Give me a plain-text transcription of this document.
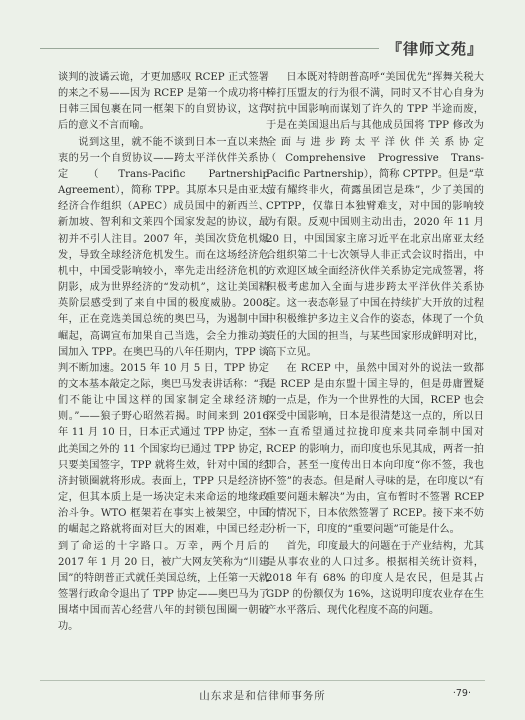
『律师文苑』

谈判的波谲云诡，才更加感叹 RCEP 正式签署的来之不易——因为 RCEP 是第一个成功将中日韩三国包裹在同一框架下的自贸协议，这背后的意义不言而喻。

说到这里，就不能不谈到日本一直以来热衷的另一个自贸协议——跨太平洋伙伴关系协定（Trans-Pacific Partnership Agreement），简称 TPP。其原本只是由亚太经济合作组织（APEC）成员国中的新西兰、新加坡、智利和文莱四个国家发起的协议，最初并不引人注目。2007 年，美国次贷危机爆发，导致全球经济危机发生。而在这场经济危机中，中国受影响较小，率先走出经济危机的阴影，成为世界经济的“发动机”，这让美国精英阶层感受到了来自中国的极度威胁。2008 年，正在竞选美国总统的奥巴马，为遏制中国崛起，高调宣布加果自己当选，会全力推动美国加入 TPP。在奥巴马的八年任期内，TPP 谈判不断加速。2015 年 10 月 5 日，TPP 协定的文本基本敲定之际，奥巴马发表讲话称：“我们不能让中国这样的国家制定全球经济规则。”——狼子野心昭然若揭。时间来到 2016 年 11 月 10 日，日本正式通过 TPP 协定，至此美国之外的 11 个国家均已通过 TPP 协定，只要美国签字，TPP 就将生效，针对中国的经济封锁圈就将形成。表面上，TPP 只是经济协定，但其本质上是一场决定未来命运的地缘政治斗争。WTO 框架若在事实上被架空，中国的崛起之路就将面对巨大的困难，中国已经走到了命运的十字路口。万幸，两个月后的 2017 年 1 月 20 日，被广大网友笑称为“川建国”的特朗普正式就任美国总统，上任第一天就签署行政命令退出了 TPP 协定——奥巴马为了围堵中国而苦心经营八年的封锁包围圈一朝破功。

日本既对特朗普高呼“美国优先”挥舞关税大棒打压盟友的行为很不满，同时又不甘心自身为对抗中国影响而谋划了许久的 TPP 半途而废，于是在美国退出后与其他成员国将 TPP 修改为全面与进步跨太平洋伙伴关系协定（Comprehensive Progressive Trans-Pacific Partnership），简称 CPTPP。但是“草萤有耀终非火，荷露虽团岂是珠”，少了美国的 CPTPP，仅靠日本独臂难支，对中国的影响较为有限。反观中国则主动出击，2020 年 11 月 20 日，中国国家主席习近平在北京出席亚太经合组织第二十七次领导人非正式会议时指出，中方欢迎区域全面经济伙伴关系协定完成签署，将积极考虑加入全面与进步跨太平洋伙伴关系协定。这一表态彰显了中国在持续扩大开放的过程中积极维护多边主义合作的姿态，体现了一个负责任的大国的担当，与某些国家形成鲜明对比，高下立见。

在 RCEP 中，虽然中国对外的说法一致都是 RCEP 是由东盟十国主导的，但是毋庸置疑的一点是，作为一个世界性的大国，RCEP 也会深受中国影响，日本是很清楚这一点的，所以日本一直希望通过拉拢印度来共同牵制中国对 RCEP 的影响力，而印度也乐见其成，两者一拍即合，甚至一度传出日本向印度“你不签，我也不签”的表态。但是耐人寻味的是，在印度以“有重要问题未解决”为由，宣布暂时不签署 RCEP 的情况下，日本依然签署了 RCEP。接下来不妨分析一下，印度的“重要问题”可能是什么。

首先，印度最大的问题在于产业结构，尤其是从事农业的人口过多。根据相关统计资料，2018 年有 68% 的印度人是农民，但是其占 GDP 的份额仅为 16%，这说明印度农业存在生产水平落后、现代化程度不高的问题。

山东求是和信律师事务所	·79·
